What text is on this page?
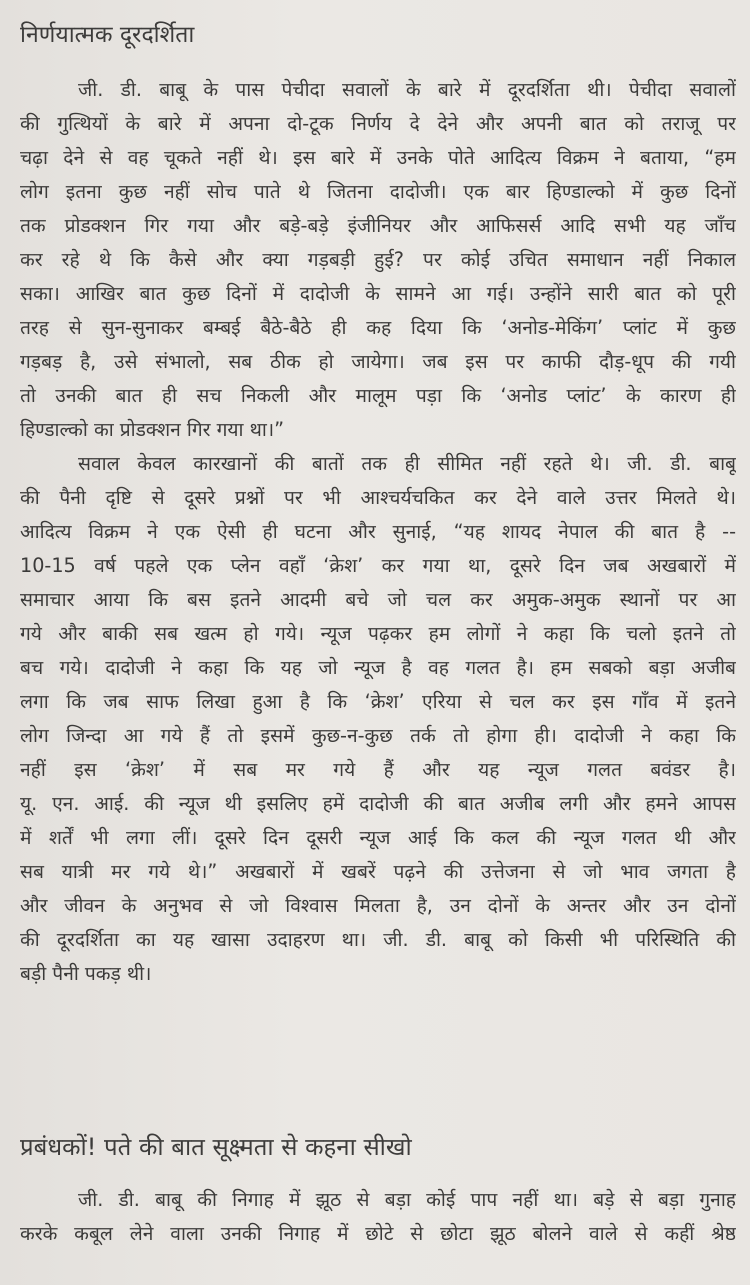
निर्णयात्मक दूरदर्शिता
जी. डी. बाबू के पास पेचीदा सवालों के बारे में दूरदर्शिता थी। पेचीदा सवालों
की गुत्थियों के बारे में अपना दो-टूक निर्णय दे देने और अपनी बात को तराजू पर
चढ़ा देने से वह चूकते नहीं थे। इस बारे में उनके पोते आदित्य विक्रम ने बताया, “हम
लोग इतना कुछ नहीं सोच पाते थे जितना दादोजी। एक बार हिण्डाल्को में कुछ दिनों
तक प्रोडक्शन गिर गया और बड़े-बड़े इंजीनियर और आफिसर्स आदि सभी यह जाँच
कर रहे थे कि कैसे और क्या गड़बड़ी हुई? पर कोई उचित समाधान नहीं निकाल
सका। आखिर बात कुछ दिनों में दादोजी के सामने आ गई। उन्होंने सारी बात को पूरी
तरह से सुन-सुनाकर बम्बई बैठे-बैठे ही कह दिया कि ‘अनोड-मेकिंग’ प्लांट में कुछ
गड़बड़ है, उसे संभालो, सब ठीक हो जायेगा। जब इस पर काफी दौड़-धूप की गयी
तो उनकी बात ही सच निकली और मालूम पड़ा कि ‘अनोड प्लांट’ के कारण ही
हिण्डाल्को का प्रोडक्शन गिर गया था।”
सवाल केवल कारखानों की बातों तक ही सीमित नहीं रहते थे। जी. डी. बाबू
की पैनी दृष्टि से दूसरे प्रश्नों पर भी आश्चर्यचकित कर देने वाले उत्तर मिलते थे।
आदित्य विक्रम ने एक ऐसी ही घटना और सुनाई, “यह शायद नेपाल की बात है --
10-15 वर्ष पहले एक प्लेन वहाँ ‘क्रेश’ कर गया था, दूसरे दिन जब अखबारों में
समाचार आया कि बस इतने आदमी बचे जो चल कर अमुक-अमुक स्थानों पर आ
गये और बाकी सब खत्म हो गये। न्यूज पढ़कर हम लोगों ने कहा कि चलो इतने तो
बच गये। दादोजी ने कहा कि यह जो न्यूज है वह गलत है। हम सबको बड़ा अजीब
लगा कि जब साफ लिखा हुआ है कि ‘क्रेश’ एरिया से चल कर इस गाँव में इतने
लोग जिन्दा आ गये हैं तो इसमें कुछ-न-कुछ तर्क तो होगा ही। दादोजी ने कहा कि
नहीं इस ‘क्रेश’ में सब मर गये हैं और यह न्यूज गलत बवंडर है।
यू. एन. आई. की न्यूज थी इसलिए हमें दादोजी की बात अजीब लगी और हमने आपस
में शर्तें भी लगा लीं। दूसरे दिन दूसरी न्यूज आई कि कल की न्यूज गलत थी और
सब यात्री मर गये थे।” अखबारों में खबरें पढ़ने की उत्तेजना से जो भाव जगता है
और जीवन के अनुभव से जो विश्वास मिलता है, उन दोनों के अन्तर और उन दोनों
की दूरदर्शिता का यह खासा उदाहरण था। जी. डी. बाबू को किसी भी परिस्थिति की
बड़ी पैनी पकड़ थी।
प्रबंधकों! पते की बात सूक्ष्मता से कहना सीखो
जी. डी. बाबू की निगाह में झूठ से बड़ा कोई पाप नहीं था। बड़े से बड़ा गुनाह
करके कबूल लेने वाला उनकी निगाह में छोटे से छोटा झूठ बोलने वाले से कहीं श्रेष्ठ
